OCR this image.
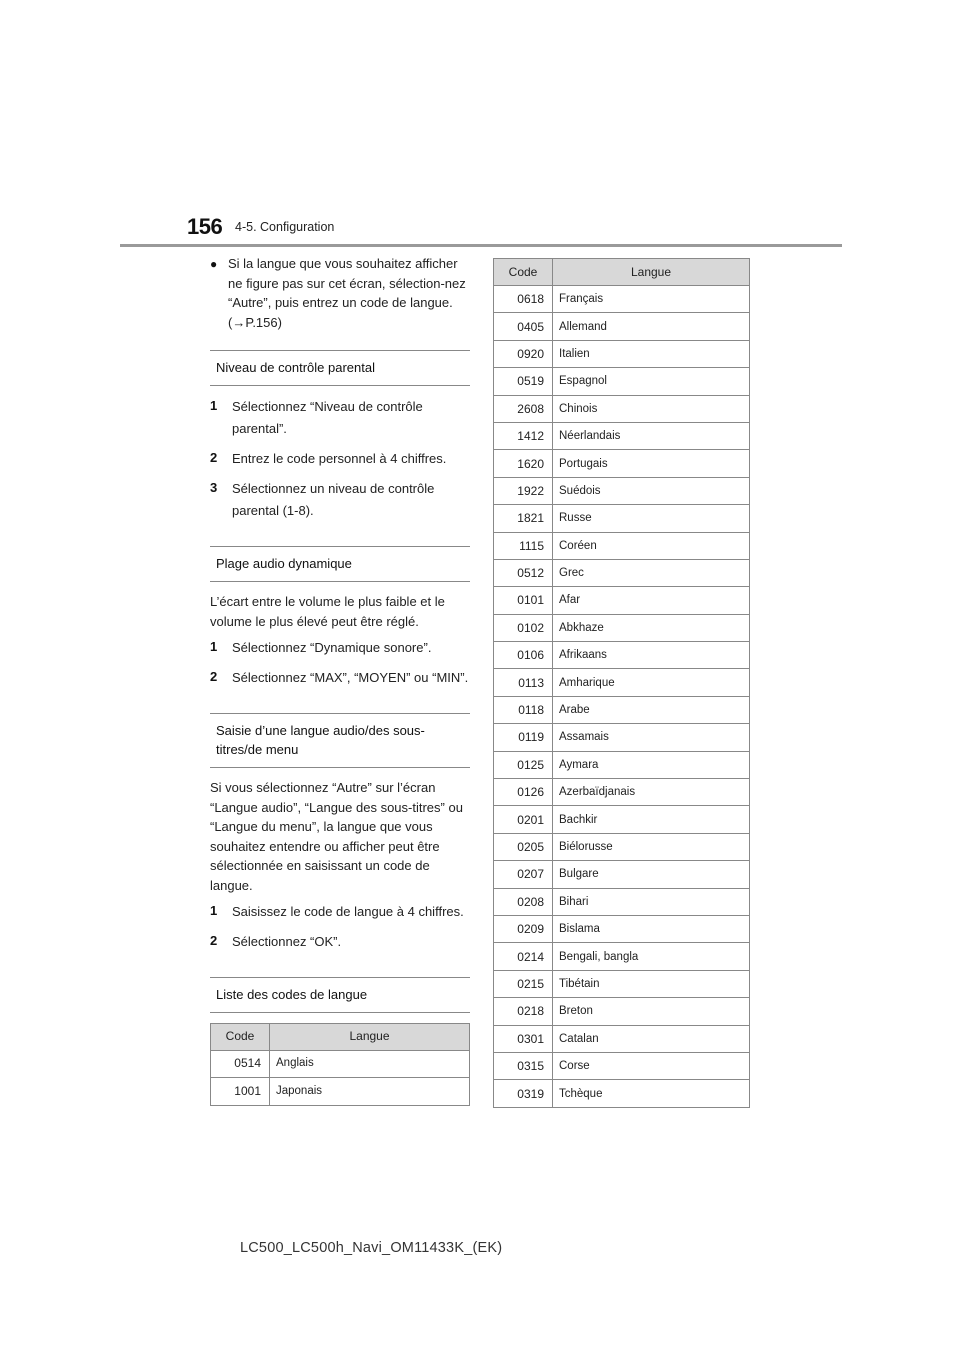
156 4-5. Configuration
● Si la langue que vous souhaitez afficher ne figure pas sur cet écran, sélection-nez “Autre”, puis entrez un code de langue. (→P.156)
Niveau de contrôle parental
1	Sélectionnez “Niveau de contrôle parental”.
2	Entrez le code personnel à 4 chiffres.
3	Sélectionnez un niveau de contrôle parental (1-8).
Plage audio dynamique

L’écart entre le volume le plus faible et le volume le plus élevé peut être réglé.

1	Sélectionnez “Dynamique sonore”.
2	Sélectionnez “MAX”, “MOYEN” ou “MIN”.
Saisie d’une langue audio/des sous-titres/de menu

Si vous sélectionnez “Autre” sur l’écran “Langue audio”, “Langue des sous-titres” ou “Langue du menu”, la langue que vous souhaitez entendre ou afficher peut être sélectionnée en saisissant un code de langue.

1	Saisissez le code de langue à 4 chiffres.
2	Sélectionnez “OK”.
Liste des codes de langue
Code	Langue
0514	Anglais
1001	Japonais
Code	Langue
0618	Français
0405	Allemand
0920	Italien
0519	Espagnol
2608	Chinois
1412	Néerlandais
1620	Portugais
1922	Suédois
1821	Russe
1115	Coréen
0512	Grec
0101	Afar
0102	Abkhaze
0106	Afrikaans
0113	Amharique
0118	Arabe
0119	Assamais
0125	Aymara
0126	Azerbaïdjanais
0201	Bachkir
0205	Biélorusse
0207	Bulgare
0208	Bihari
0209	Bislama
0214	Bengali, bangla
0215	Tibétain
0218	Breton
0301	Catalan
0315	Corse
0319	Tchèque
LC500_LC500h_Navi_OM11433K_(EK)
